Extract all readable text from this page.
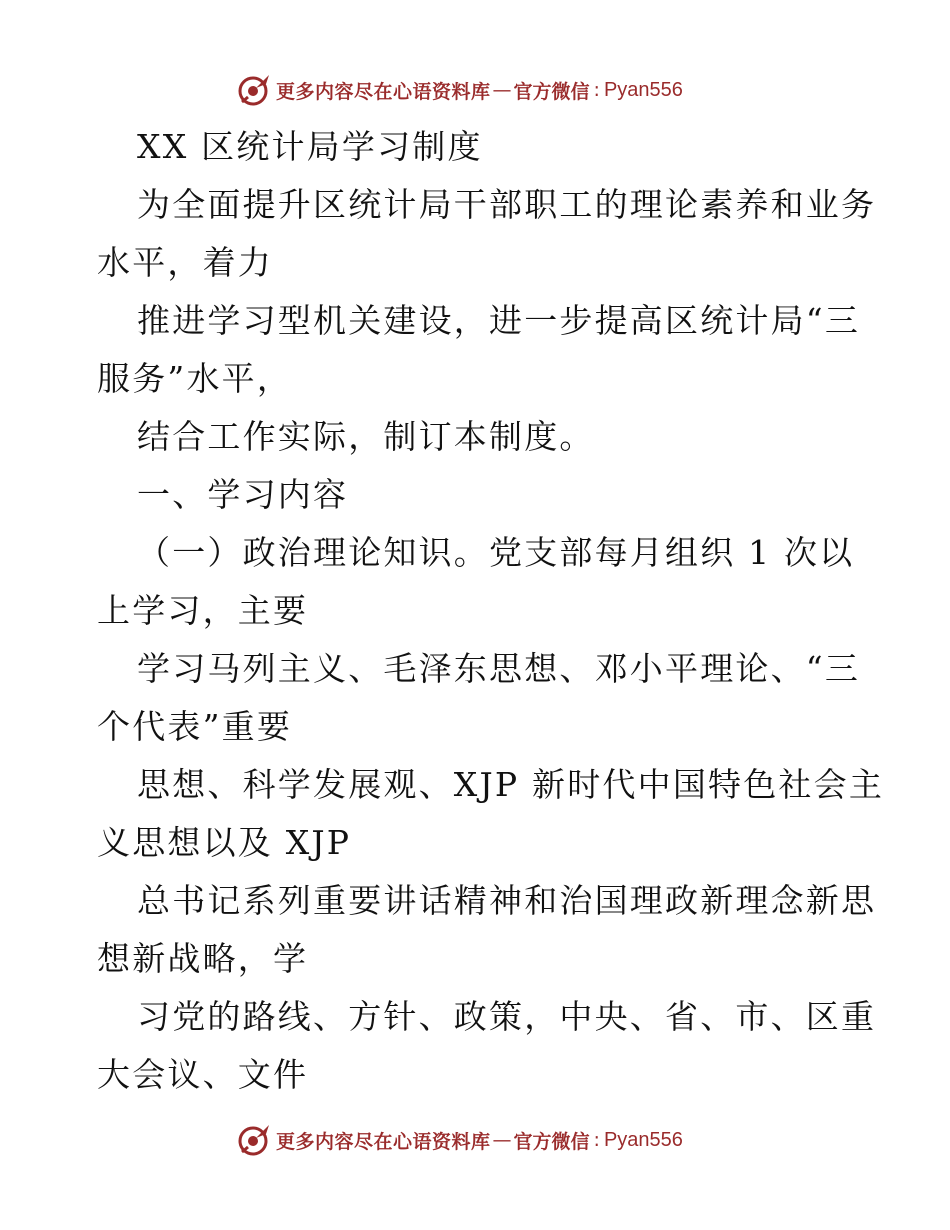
更多内容尽在心语资料库 — 官方微信 : Pyan556
XX 区统计局学习制度
为全面提升区统计局干部职工的理论素养和业务
水平，着力
推进学习型机关建设，进一步提高区统计局“三
服务”水平，
结合工作实际，制订本制度。
一、学习内容
（一）政治理论知识。党支部每月组织 1 次以
上学习，主要
学习马列主义、毛泽东思想、邓小平理论、“三
个代表”重要
思想、科学发展观、XJP 新时代中国特色社会主
义思想以及 XJP
总书记系列重要讲话精神和治国理政新理念新思
想新战略，学
习党的路线、方针、政策，中央、省、市、区重
大会议、文件
更多内容尽在心语资料库 — 官方微信 : Pyan556
